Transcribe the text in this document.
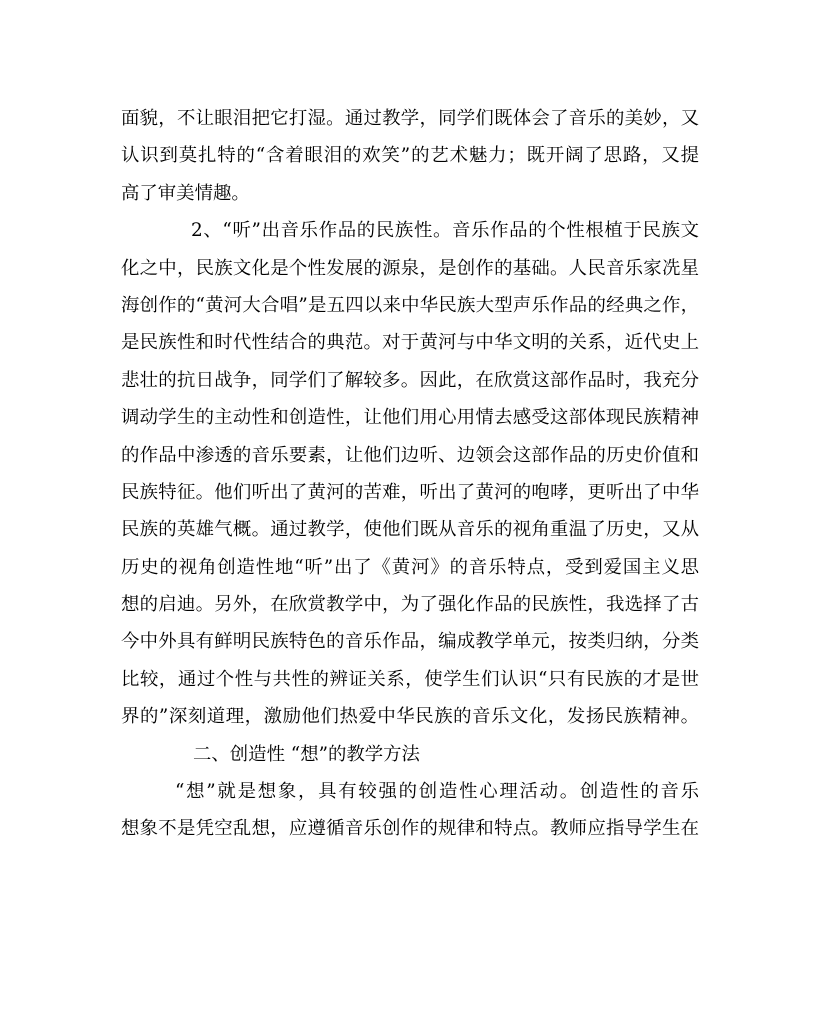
面貌，不让眼泪把它打湿。通过教学，同学们既体会了音乐的美妙，又
认识到莫扎特的“含着眼泪的欢笑”的艺术魅力；既开阔了思路，又提
高了审美情趣。
2、“听”出音乐作品的民族性。音乐作品的个性根植于民族文
化之中，民族文化是个性发展的源泉，是创作的基础。人民音乐家冼星
海创作的“黄河大合唱”是五四以来中华民族大型声乐作品的经典之作，
是民族性和时代性结合的典范。对于黄河与中华文明的关系，近代史上
悲壮的抗日战争，同学们了解较多。因此，在欣赏这部作品时，我充分
调动学生的主动性和创造性，让他们用心用情去感受这部体现民族精神
的作品中渗透的音乐要素，让他们边听、边领会这部作品的历史价值和
民族特征。他们听出了黄河的苦难，听出了黄河的咆哮，更听出了中华
民族的英雄气概。通过教学，使他们既从音乐的视角重温了历史，又从
历史的视角创造性地“听”出了《黄河》的音乐特点，受到爱国主义思
想的启迪。另外，在欣赏教学中，为了强化作品的民族性，我选择了古
今中外具有鲜明民族特色的音乐作品，编成教学单元，按类归纳，分类
比较，通过个性与共性的辨证关系，使学生们认识“只有民族的才是世
界的”深刻道理，激励他们热爱中华民族的音乐文化，发扬民族精神。
二、创造性 “想”的教学方法
“想”就是想象，具有较强的创造性心理活动。创造性的音乐
想象不是凭空乱想，应遵循音乐创作的规律和特点。教师应指导学生在
